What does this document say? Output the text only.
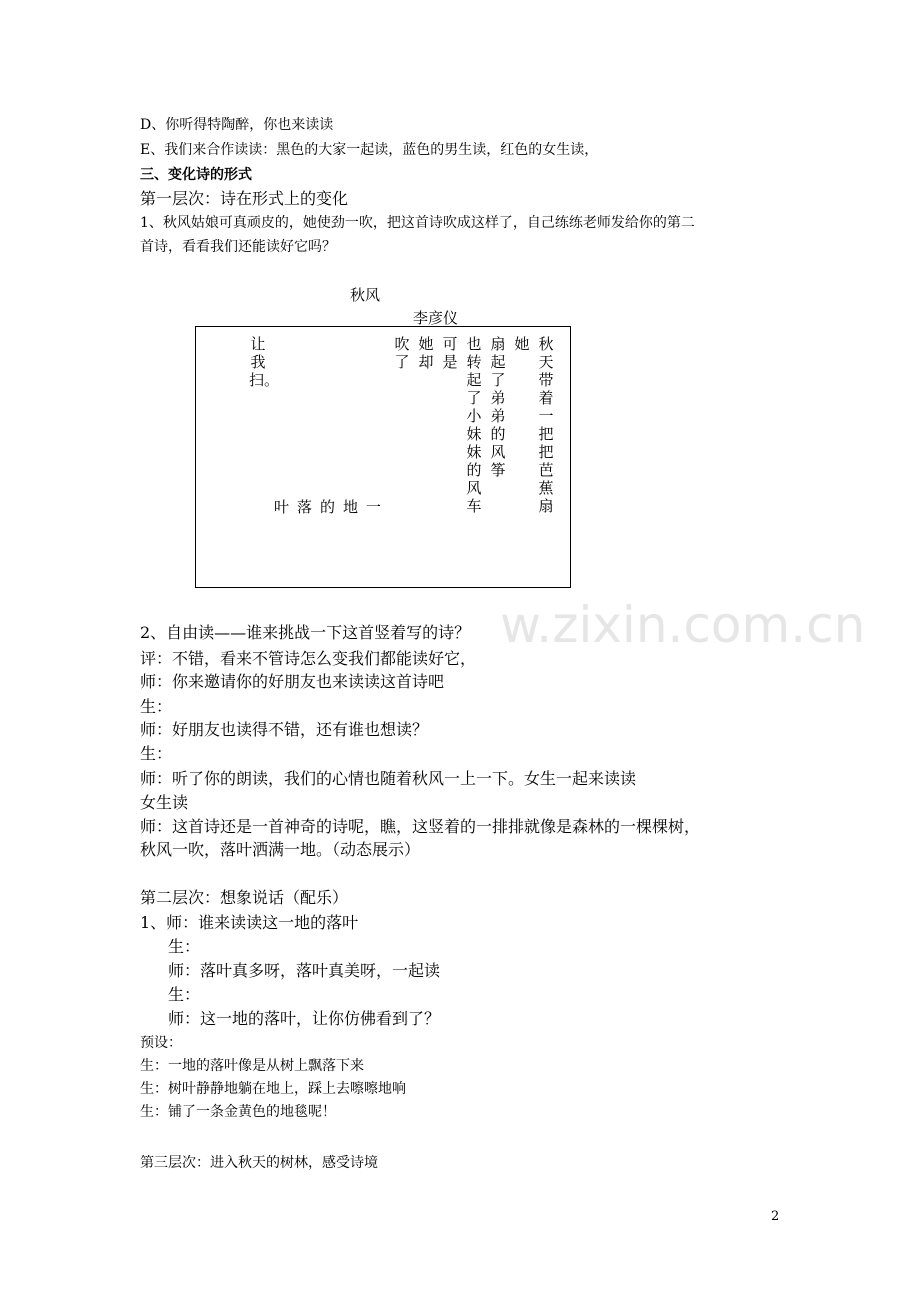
w.zixin.com.cn

D、你听得特陶醉，你也来读读

E、我们来合作读读：黑色的大家一起读，蓝色的男生读，红色的女生读，

三、变化诗的形式

第一层次：诗在形式上的变化

1、秋风姑娘可真顽皮的，她使劲一吹，把这首诗吹成这样了，自己练练老师发给你的第二

首诗，看看我们还能读好它吗？

秋风
李彦仪
秋天带着一把把芭蕉扇
她
扇起了弟弟的风筝
也转起了小妹妹的风车
可是
她却
吹了
让我扫。
叶落的地一

2、自由读——谁来挑战一下这首竖着写的诗？

评：不错，看来不管诗怎么变我们都能读好它，

师：你来邀请你的好朋友也来读读这首诗吧

生：

师：好朋友也读得不错，还有谁也想读？

生：

师：听了你的朗读，我们的心情也随着秋风一上一下。女生一起来读读

女生读

师：这首诗还是一首神奇的诗呢，瞧，这竖着的一排排就像是森林的一棵棵树，

秋风一吹，落叶洒满一地。（动态展示）

第二层次：想象说话（配乐）

1、师：谁来读读这一地的落叶

生：

师：落叶真多呀，落叶真美呀，一起读

生：

师：这一地的落叶，让你仿佛看到了？

预设：

生：一地的落叶像是从树上飘落下来

生：树叶静静地躺在地上，踩上去嚓嚓地响

生：铺了一条金黄色的地毯呢！

第三层次：进入秋天的树林，感受诗境

2
